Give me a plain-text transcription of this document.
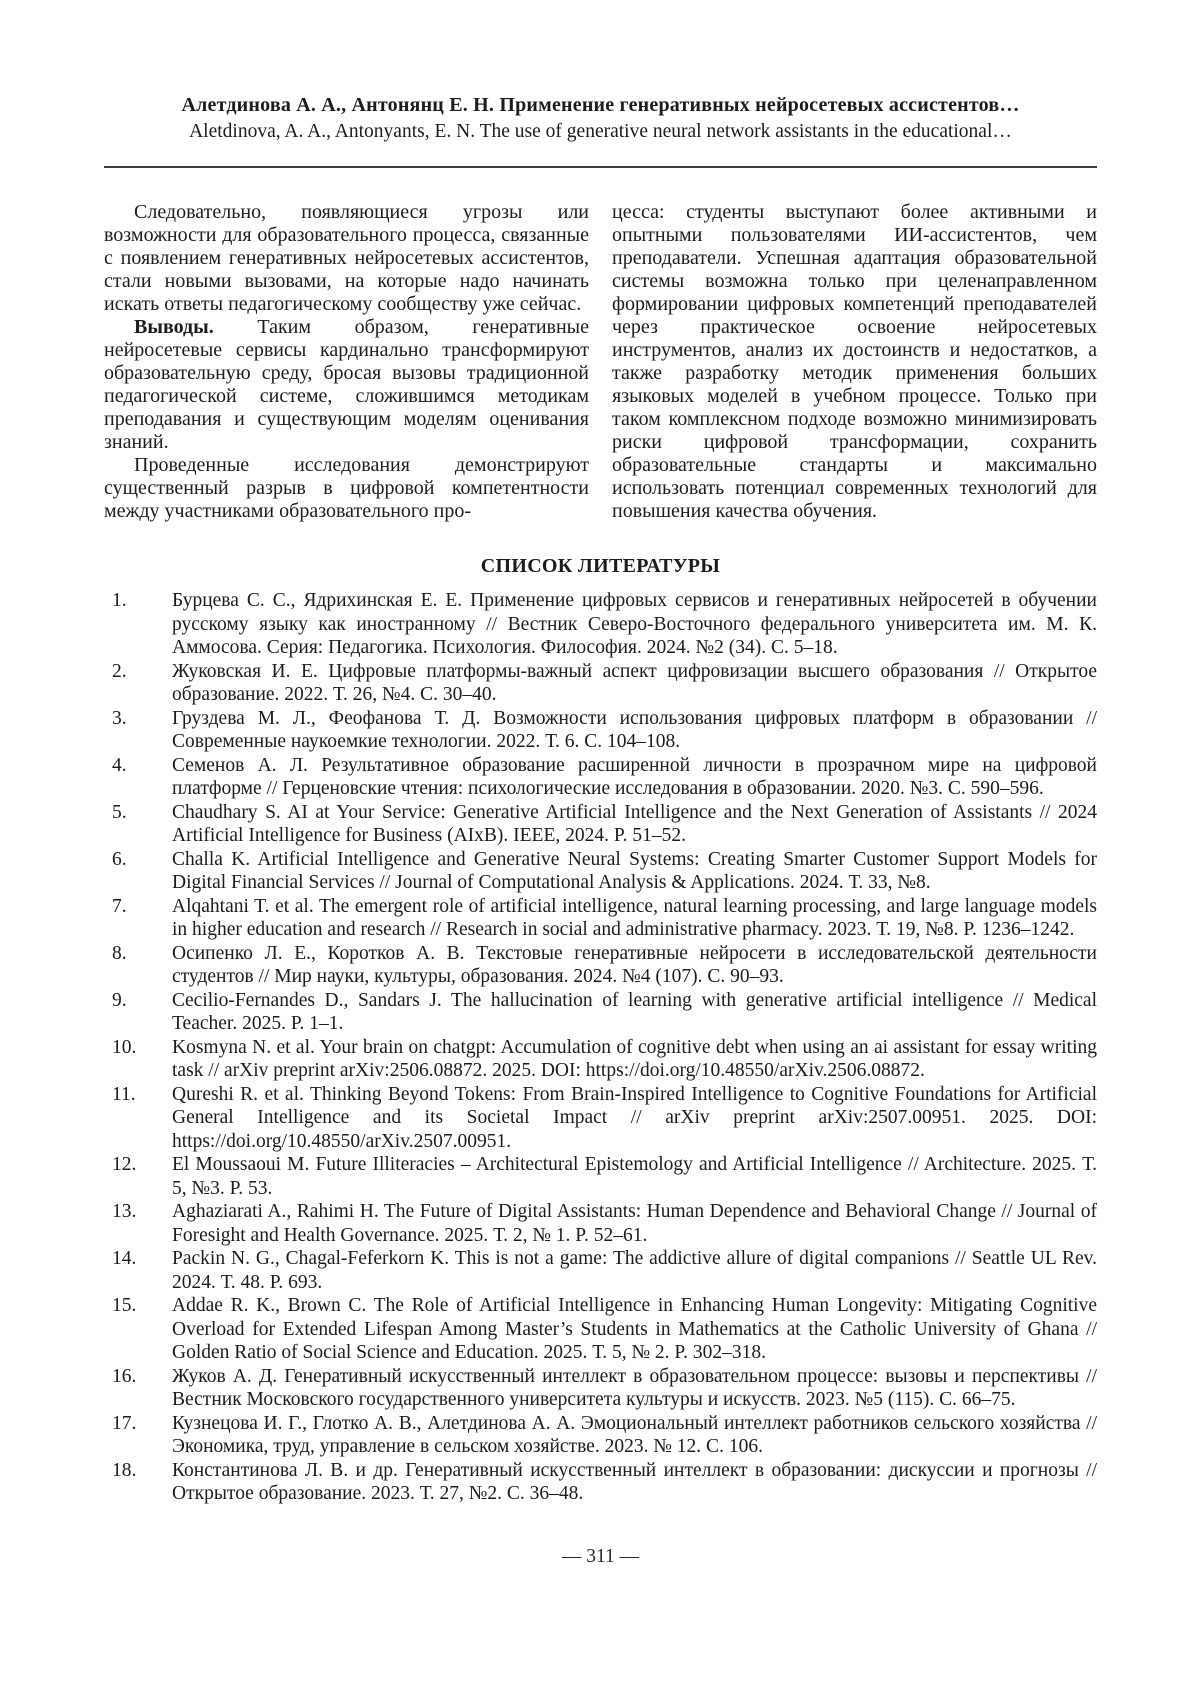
Алетдинова А. А., Антонянц Е. Н. Применение генеративных нейросетевых ассистентов…
Aletdinova, A. A., Antonyants, E. N. The use of generative neural network assistants in the educational…

Следовательно, появляющиеся угрозы или возможности для образовательного процесса, связанные с появлением генеративных нейросетевых ассистентов, стали новыми вызовами, на которые надо начинать искать ответы педагогическому сообществу уже сейчас.

Выводы. Таким образом, генеративные нейросетевые сервисы кардинально трансформируют образовательную среду, бросая вызовы традиционной педагогической системе, сложившимся методикам преподавания и существующим моделям оценивания знаний.

Проведенные исследования демонстрируют существенный разрыв в цифровой компетентности между участниками образовательного про-

цесса: студенты выступают более активными и опытными пользователями ИИ-ассистентов, чем преподаватели. Успешная адаптация образовательной системы возможна только при целенаправленном формировании цифровых компетенций преподавателей через практическое освоение нейросетевых инструментов, анализ их достоинств и недостатков, а также разработку методик применения больших языковых моделей в учебном процессе. Только при таком комплексном подходе возможно минимизировать риски цифровой трансформации, сохранить образовательные стандарты и максимально использовать потенциал современных технологий для повышения качества обучения.

СПИСОК ЛИТЕРАТУРЫ
1. Бурцева С. С., Ядрихинская Е. Е. Применение цифровых сервисов и генеративных нейросетей в обучении русскому языку как иностранному // Вестник Северо-Восточного федерального университета им. М. К. Аммосова. Серия: Педагогика. Психология. Философия. 2024. №2 (34). С. 5–18.
2. Жуковская И. Е. Цифровые платформы-важный аспект цифровизации высшего образования // Открытое образование. 2022. Т. 26, №4. С. 30–40.
3. Груздева М. Л., Феофанова Т. Д. Возможности использования цифровых платформ в образовании // Современные наукоемкие технологии. 2022. Т. 6. С. 104–108.
4. Семенов А. Л. Результативное образование расширенной личности в прозрачном мире на цифровой платформе // Герценовские чтения: психологические исследования в образовании. 2020. №3. С. 590–596.
5. Chaudhary S. AI at Your Service: Generative Artificial Intelligence and the Next Generation of Assistants // 2024 Artificial Intelligence for Business (AIxB). IEEE, 2024. P. 51–52.
6. Challa K. Artificial Intelligence and Generative Neural Systems: Creating Smarter Customer Support Models for Digital Financial Services // Journal of Computational Analysis & Applications. 2024. Т. 33, №8.
7. Alqahtani T. et al. The emergent role of artificial intelligence, natural learning processing, and large language models in higher education and research // Research in social and administrative pharmacy. 2023. Т. 19, №8. P. 1236–1242.
8. Осипенко Л. Е., Коротков А. В. Текстовые генеративные нейросети в исследовательской деятельности студентов // Мир науки, культуры, образования. 2024. №4 (107). С. 90–93.
9. Cecilio-Fernandes D., Sandars J. The hallucination of learning with generative artificial intelligence // Medical Teacher. 2025. P. 1–1.
10. Kosmyna N. et al. Your brain on chatgpt: Accumulation of cognitive debt when using an ai assistant for essay writing task // arXiv preprint arXiv:2506.08872. 2025. DOI: https://doi.org/10.48550/arXiv.2506.08872.
11. Qureshi R. et al. Thinking Beyond Tokens: From Brain-Inspired Intelligence to Cognitive Foundations for Artificial General Intelligence and its Societal Impact // arXiv preprint arXiv:2507.00951. 2025. DOI: https://doi.org/10.48550/arXiv.2507.00951.
12. El Moussaoui M. Future Illiteracies – Architectural Epistemology and Artificial Intelligence // Architecture. 2025. Т. 5, №3. P. 53.
13. Aghaziarati A., Rahimi H. The Future of Digital Assistants: Human Dependence and Behavioral Change // Journal of Foresight and Health Governance. 2025. Т. 2, № 1. P. 52–61.
14. Packin N. G., Chagal-Feferkorn K. This is not a game: The addictive allure of digital companions // Seattle UL Rev. 2024. Т. 48. P. 693.
15. Addae R. K., Brown C. The Role of Artificial Intelligence in Enhancing Human Longevity: Mitigating Cognitive Overload for Extended Lifespan Among Master’s Students in Mathematics at the Catholic University of Ghana // Golden Ratio of Social Science and Education. 2025. Т. 5, № 2. P. 302–318.
16. Жуков А. Д. Генеративный искусственный интеллект в образовательном процессе: вызовы и перспективы // Вестник Московского государственного университета культуры и искусств. 2023. №5 (115). С. 66–75.
17. Кузнецова И. Г., Глотко А. В., Алетдинова А. А. Эмоциональный интеллект работников сельского хозяйства // Экономика, труд, управление в сельском хозяйстве. 2023. № 12. С. 106.
18. Константинова Л. В. и др. Генеративный искусственный интеллект в образовании: дискуссии и прогнозы // Открытое образование. 2023. Т. 27, №2. С. 36–48.
— 311 —
